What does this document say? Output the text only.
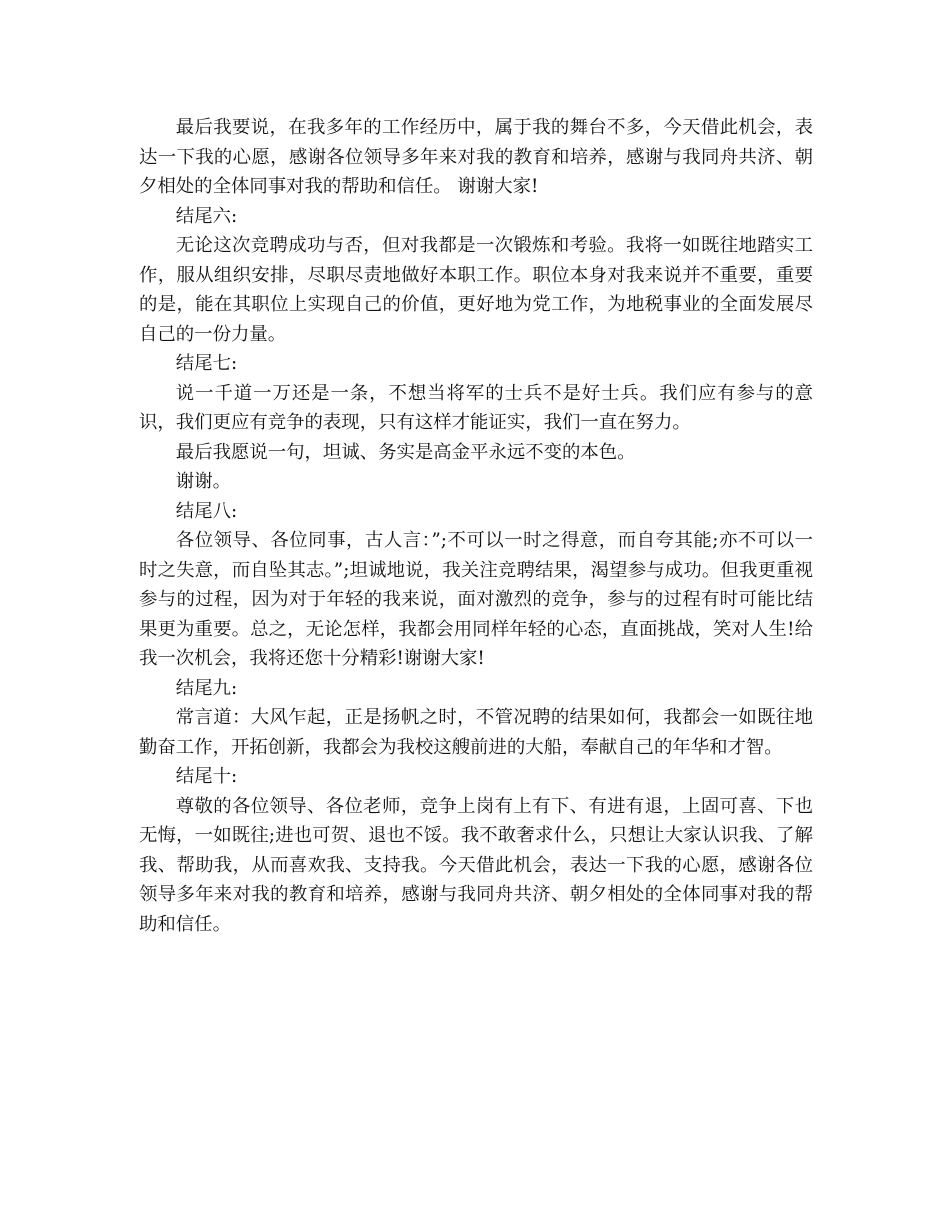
最后我要说，在我多年的工作经历中，属于我的舞台不多，今天借此机会，表达一下我的心愿，感谢各位领导多年来对我的教育和培养，感谢与我同舟共济、朝夕相处的全体同事对我的帮助和信任。 谢谢大家!

结尾六:

无论这次竞聘成功与否，但对我都是一次锻炼和考验。我将一如既往地踏实工作，服从组织安排，尽职尽责地做好本职工作。职位本身对我来说并不重要，重要的是，能在其职位上实现自己的价值，更好地为党工作，为地税事业的全面发展尽自己的一份力量。

结尾七:

说一千道一万还是一条，不想当将军的士兵不是好士兵。我们应有参与的意识，我们更应有竞争的表现，只有这样才能证实，我们一直在努力。

最后我愿说一句，坦诚、务实是高金平永远不变的本色。

谢谢。

结尾八:

各位领导、各位同事，古人言：”;不可以一时之得意，而自夸其能;亦不可以一时之失意，而自坠其志。”;坦诚地说，我关注竞聘结果，渴望参与成功。但我更重视参与的过程，因为对于年轻的我来说，面对激烈的竞争，参与的过程有时可能比结果更为重要。总之，无论怎样，我都会用同样年轻的心态，直面挑战，笑对人生!给我一次机会，我将还您十分精彩!谢谢大家!

结尾九:

常言道：大风乍起，正是扬帆之时，不管况聘的结果如何，我都会一如既往地勤奋工作，开拓创新，我都会为我校这艘前进的大船，奉献自己的年华和才智。

结尾十:

尊敬的各位领导、各位老师，竞争上岗有上有下、有进有退，上固可喜、下也无悔，一如既往;进也可贺、退也不馁。我不敢奢求什么，只想让大家认识我、了解我、帮助我，从而喜欢我、支持我。今天借此机会，表达一下我的心愿，感谢各位领导多年来对我的教育和培养，感谢与我同舟共济、朝夕相处的全体同事对我的帮助和信任。
